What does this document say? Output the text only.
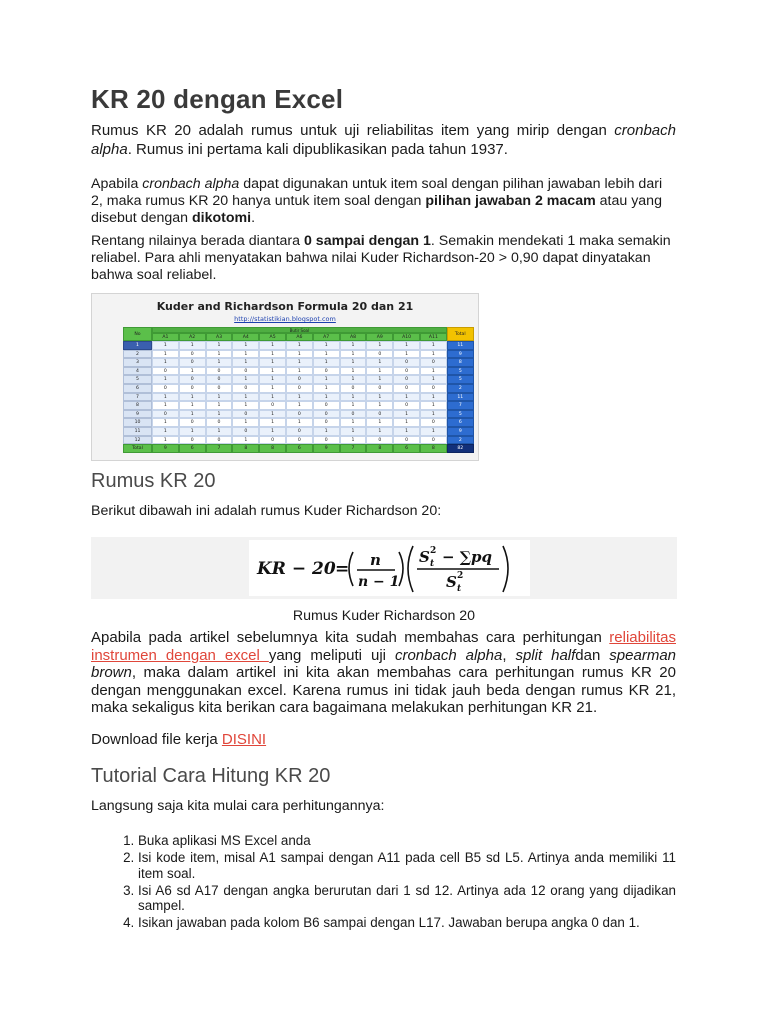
KR 20 dengan Excel

Rumus KR 20 adalah rumus untuk uji reliabilitas item yang mirip dengan cronbach alpha. Rumus ini pertama kali dipublikasikan pada tahun 1937.

Apabila cronbach alpha dapat digunakan untuk item soal dengan pilihan jawaban lebih dari 2, maka rumus KR 20 hanya untuk item soal dengan pilihan jawaban 2 macam atau yang disebut dengan dikotomi.

Rentang nilainya berada diantara 0 sampai dengan 1. Semakin mendekati 1 maka semakin reliabel. Para ahli menyatakan bahwa nilai Kuder Richardson-20 > 0,90 dapat dinyatakan bahwa soal reliabel.

Kuder and Richardson Formula 20 dan 21
http://statistikian.blogspot.com
No
Butir Soal
A1	A2	A3	A4	A5	A6	A7	A8	A9	A10	A11
Total
1	1	1	1	1	1	1	1	1	1	1	1	11
2	1	0	1	1	1	1	1	1	0	1	1	9
3	1	0	1	1	1	1	1	1	1	0	0	8
4	0	1	0	0	1	1	0	1	1	0	1	5
5	1	0	0	1	1	0	1	1	1	0	1	5
6	0	0	0	0	1	0	1	0	0	0	0	2
7	1	1	1	1	1	1	1	1	1	1	1	11
8	1	1	1	1	0	1	0	1	1	0	1	7
9	0	1	1	0	1	0	0	0	0	1	1	5
10	1	0	0	1	1	1	0	1	1	1	0	6
11	1	1	1	0	1	0	1	1	1	1	1	9
12	1	0	0	1	0	0	0	1	0	0	0	2
Total	9	6	7	8	8	6	9	7	8	6	8	82
Rumus KR 20

Berikut dibawah ini adalah rumus Kuder Richardson 20:

KR − 20 = n
n − 1
S 2
t − ∑ pq
S 2
t
Rumus Kuder Richardson 20

Apabila pada artikel sebelumnya kita sudah membahas cara perhitungan reliabilitas instrumen dengan excel yang meliputi uji cronbach alpha, split halfdan spearman brown, maka dalam artikel ini kita akan membahas cara perhitungan rumus KR 20 dengan menggunakan excel. Karena rumus ini tidak jauh beda dengan rumus KR 21, maka sekaligus kita berikan cara bagaimana melakukan perhitungan KR 21.

Download file kerja DISINI

Tutorial Cara Hitung KR 20

Langsung saja kita mulai cara perhitungannya:

1. Buka aplikasi MS Excel anda
2. Isi kode item, misal A1 sampai dengan A11 pada cell B5 sd L5. Artinya anda memiliki 11 item soal.
3. Isi A6 sd A17 dengan angka berurutan dari 1 sd 12. Artinya ada 12 orang yang dijadikan sampel.
4. Isikan jawaban pada kolom B6 sampai dengan L17. Jawaban berupa angka 0 dan 1.
